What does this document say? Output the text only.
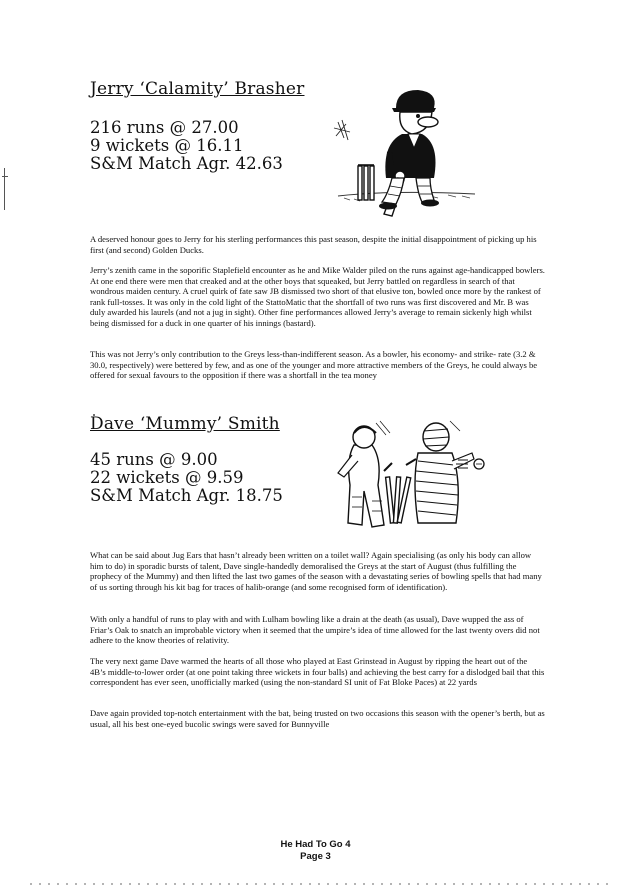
Jerry ‘Calamity’ Brasher
216 runs @ 27.00
9 wickets @ 16.11
S&M Match Agr. 42.63

A deserved honour goes to Jerry for his sterling performances this past season, despite the initial disappointment of picking up his first (and second) Golden Ducks.

Jerry’s zenith came in the soporific Staplefield encounter as he and Mike Walder piled on the runs against age-handicapped bowlers. At one end there were men that creaked and at the other boys that squeaked, but Jerry battled on regardless in search of that wondrous maiden century. A cruel quirk of fate saw JB dismissed two short of that elusive ton, bowled once more by the rankest of rank full-tosses. It was only in the cold light of the StattoMatic that the shortfall of two runs was first discovered and Mr. B was duly awarded his laurels (and not a jug in sight). Other fine performances allowed Jerry’s average to remain sickenly high whilst being dismissed for a duck in one quarter of his innings (bastard).

This was not Jerry’s only contribution to the Greys less-than-indifferent season. As a bowler, his economy- and strike- rate (3.2 & 30.0, respectively) were bettered by few, and as one of the younger and more attractive members of the Greys, he could always be offered for sexual favours to the opposition if there was a shortfall in the tea money

Dave ‘Mummy’ Smith
45 runs @ 9.00
22 wickets @ 9.59
S&M Match Agr. 18.75

What can be said about Jug Ears that hasn’t already been written on a toilet wall? Again specialising (as only his body can allow him to do) in sporadic bursts of talent, Dave single-handedly demoralised the Greys at the start of August (thus fulfilling the prophecy of the Mummy) and then lifted the last two games of the season with a devastating series of bowling spells that had many of us sorting through his kit bag for traces of halib-orange (and some recognised form of identification).

With only a handful of runs to play with and with Lulham bowling like a drain at the death (as usual), Dave wupped the ass of Friar’s Oak to snatch an improbable victory when it seemed that the umpire’s idea of time allowed for the last twenty overs did not adhere to the know theories of relativity.

The very next game Dave warmed the hearts of all those who played at East Grinstead in August by ripping the heart out of the 4B’s middle-to-lower order (at one point taking three wickets in four balls) and achieving the best carry for a dislodged bail that this correspondent has ever seen, unofficially marked (using the non-standard SI unit of Fat Bloke Paces) at 22 yards

Dave again provided top-notch entertainment with the bat, being trusted on two occasions this season with the opener’s berth, but as usual, all his best one-eyed bucolic swings were saved for Bunnyville

He Had To Go 4
Page 3
